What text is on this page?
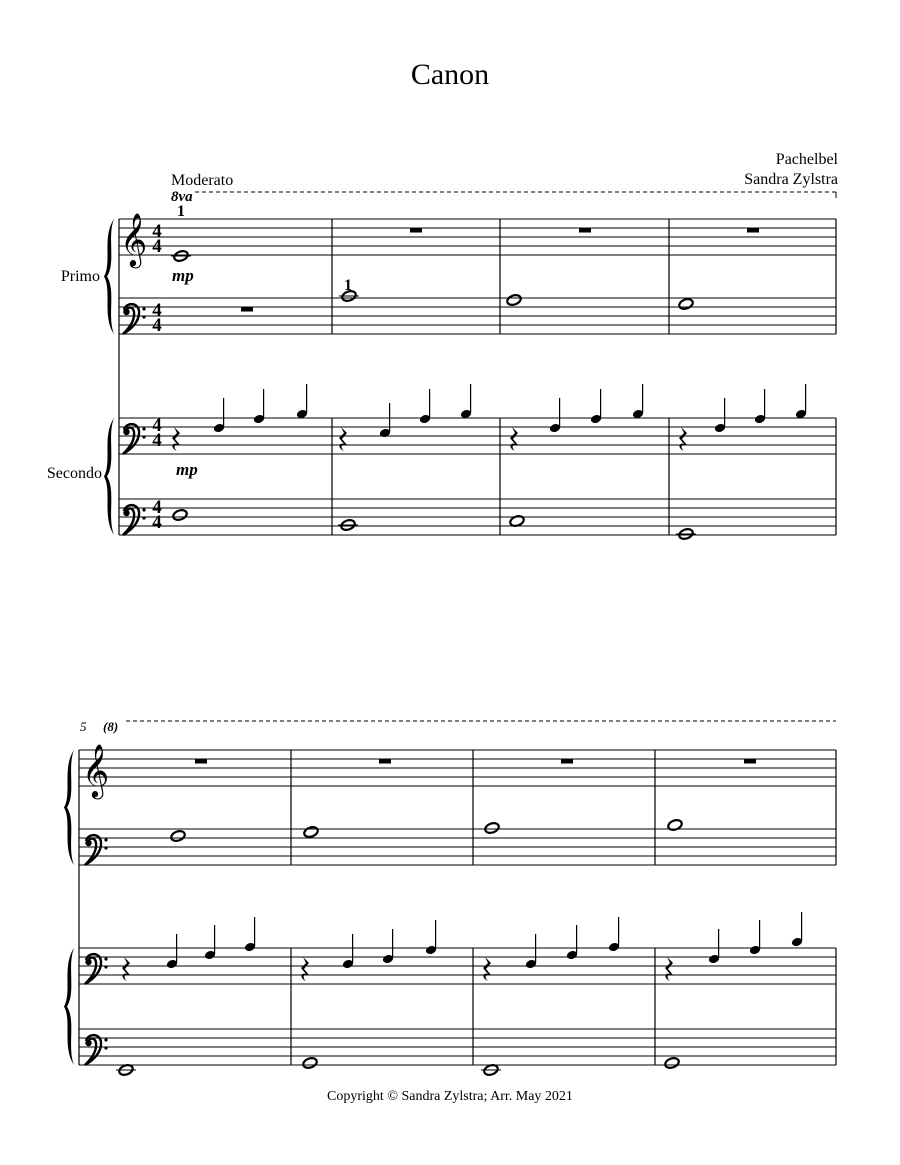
Canon
Pachelbel
Sandra Zylstra
Moderato
Copyright © Sandra Zylstra; Arr. May 2021
8va
(8)
5
Primo
Secondo
mp
mp
1
1
4
4
4
4
4
4
4
4
𝄞
𝄞
